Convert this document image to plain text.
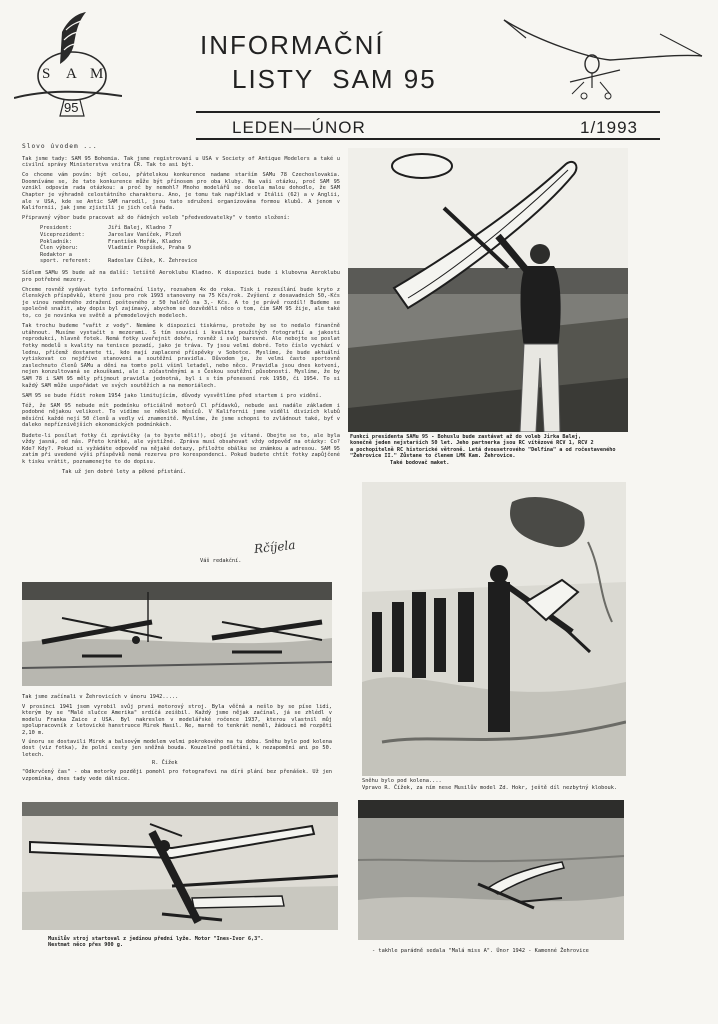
S A M
95
INFORMAČNÍ
LISTY  SAM 95
LEDEN—ÚNOR	1/1993
Slovo úvodem ...

Tak jsme tady: SAM 95 Bohemia. Tak jsme registrovaní u USA v Society of Antique Modelers a také u civilní správy Ministerstva vnitra ČR. Tak to asi být.

Co chceme vám povím: být celou, přátelskou konkurence nadame starším SAMu 78 Czechoslovakia. Doomníváme se, že tato konkurence může být přínosem pro oba kluby. Na vaši otázku, proč SAM 95 vznikl odpovím rada otázkou: a proč by nemohl? Mnoho modelářů se docela malou dohodlo, že SAM Chapter je výhradně celostátního charakteru. Ano, je tomu tak například v Itálii (62) a v Anglii, ale v USA, kde se Antic SAM narodil, jsou tato sdružení organizována formou klubů. A jenom v Kalifornii, jak jsme zjistili je jich celá řada.

Připravný výbor bude pracovat až do řádných voleb "předvedovatelky" v tomto složení:

President:	Jiří Balej, Kladno 7
Viceprezident:	Jaroslav Vaníček, Plzeň
Pokladník:	František Hořák, Kladno
Člen výboru:	Vladimír Pospíšek, Praha 9
Redaktor a
sport. referent:	Radoslav Čížek, K. Žehrovice

Sídlem SAMu 95 bude až na další: letiště Aeroklubu Kladno. K dispozici bude i klubovna Aeroklubu pro potřebné mezery.

Chceme rovněž vydávat tyto informační listy, rozsahem 4x do roka. Tisk i rozesílání bude kryto z členských příspěvků, které jsou pro rok 1993 stanoveny na 75 Kčs/rok. Zvýšení z dosavadních 50,-Kčs je vinou neměnného zdražení poštovného z 50 haléřů na 3,- Kčs. A to je právě rozdíl! Budeme se společně snažit, aby dopis byl zajímavý, abychom se dozvěděli něco o tom, čím SAM 95 žije, ale také to, co je novinka ve světě a přemodelových modelech.

Tak trochu budeme "vařit z vody". Nemáme k dispozici tiskárnu, protože by se to nedalo finančně utáhnout. Musíme vystačit s mezerami. S tím souvisí i kvalita použitých fotografií a jakosti reprodukcí, hlavně fotek. Nemá fotky uveřejnit dobře, rovněž i svůj barevné. Ale nebojte se poslat fotky modelů s kvality na tenisce pozadí, jako je tráva. Ty jsou velmi dobré. Toto číslo vychází v lednu, přičemž dostanete ti, kdo mají zaplacené příspěvky v Sobotce. Myslíme, že bude aktuální vytiskovat co nejdříve stanovení a soutěžní pravidla. Důvodem je, že velmi často sportovně zaslechnuto členů SAMu a dění na tomto poli všiml letadel, nebo něco. Pravidla jsou dnes kotvení, nejen konzultovaná se zkouškami, ale i zúčastněnými a s Českou soutěžní působností. Myslíme, že by SAM 78 i SAM 95 měly přijmout pravidla jednotná, byl i s tím přenesení rok 1950, či 1954. To si každý SAM může uspořádat ve svých soutěžích a na memoriálech.

SAM 95 se bude řídit rokem 1954 jako limitujícím, důvody vysvětlíme před startem i pro vidění.

Též, že SAM 95 nebude mít podmínku oficiálně motorů Cl přídavků, nebude asi nadále základem i podobné nějakou velikost. To vidíme se několik měsíců. V Kalifornii jsme viděli divizích klubů měsíční každé nejí 50 členů a vedly ví znamenitě. Myslíme, že jsme schopni to zvládnout také, byť v daleko nepříznivějších ekonomických podmínkách.

Budete-li posílat fotky či zprávičky (a to byste měli!), obojí je vítané. Obejte se to, ale byla vždy jasná, od nás. Přeto krátké, ale výstižné. Zpráva musí obsahovat vždy odpověď na otázky: Co? Kde? Kdy?. Pokud si vyžádáte odpověď na nějaké dotazy, přiložte obálku se známkou a adresou. SAM 95 zatím při uvedené výši příspěvků nemá rezervu pro korespondenci. Pokud budete chtít fotky zapůjčené k tisku vrátit, poznamenejte to do dopisu.

Tak už jen dobré lety a pěkné přistání.

Váš redakční.
Rčíjela
Funkci presidenta SAMu 95 - Bohuslu bude zastávat až do voleb Jirka Balej,
konečně jeden nejstarších 50 let. Jeho partnerka jsou RC vítězové RCV 1, RCV 2
a pochopitelně RC historické větroně. Letá dvousetrového "Delfína" a od ročestaveného "Žehrovice II." Zůstane to členem LMK Kam. Žehrovice.
Také bodovač maket.
Sněhu bylo pod kolena....
Vpravo R. Čížek, za ním nese Musilův model Zd. Hokr, ještě díl nezbytný klobouk.
Tak jsme začínali v Žehrovicích v únoru 1942.....

V prosinci 1941 jsem vyrobil svůj první motorový stroj. Byla věčná a nešlo by se píse lidí, kterým by se "Malé slučce Amerika" srdíčá zeišbil. Každý jsme nějak začínal, já se zhlédl v modelu Franka Zaice z USA. Byl nakreslen v modelářské ročence 1937, kterou vlastnil můj spolupracovník z letovické hanstruoce Mirek Hasil. Ne, marně to tenkrát neměl, žádoucí mě rozpětí 2,10 m.

V únoru se dostavili Mirek a balsovým modelem velmi pokrokového na tu dobu. Sněhu bylo pod kolena dost (viz fotka), že polní cesty jen sněžná bouda. Kouzelné podlétání, k nezapomění ani po 50. letech.

R. Čížek

"Odkrvčený čas" - oba motorky později pomohl pro fotografovi na dírš plání bez přenášek. Už jen vzpomínka, dnes tady vede dálnice.

Musilův stroj startoval z jedinou přední lyže. Motor "Ines-Ivor 6,3".
Nestmat něco přes 900 g.
- takhle parádně sedala "Malá miss A". Únor 1942 - Kamenné Žehrovice
